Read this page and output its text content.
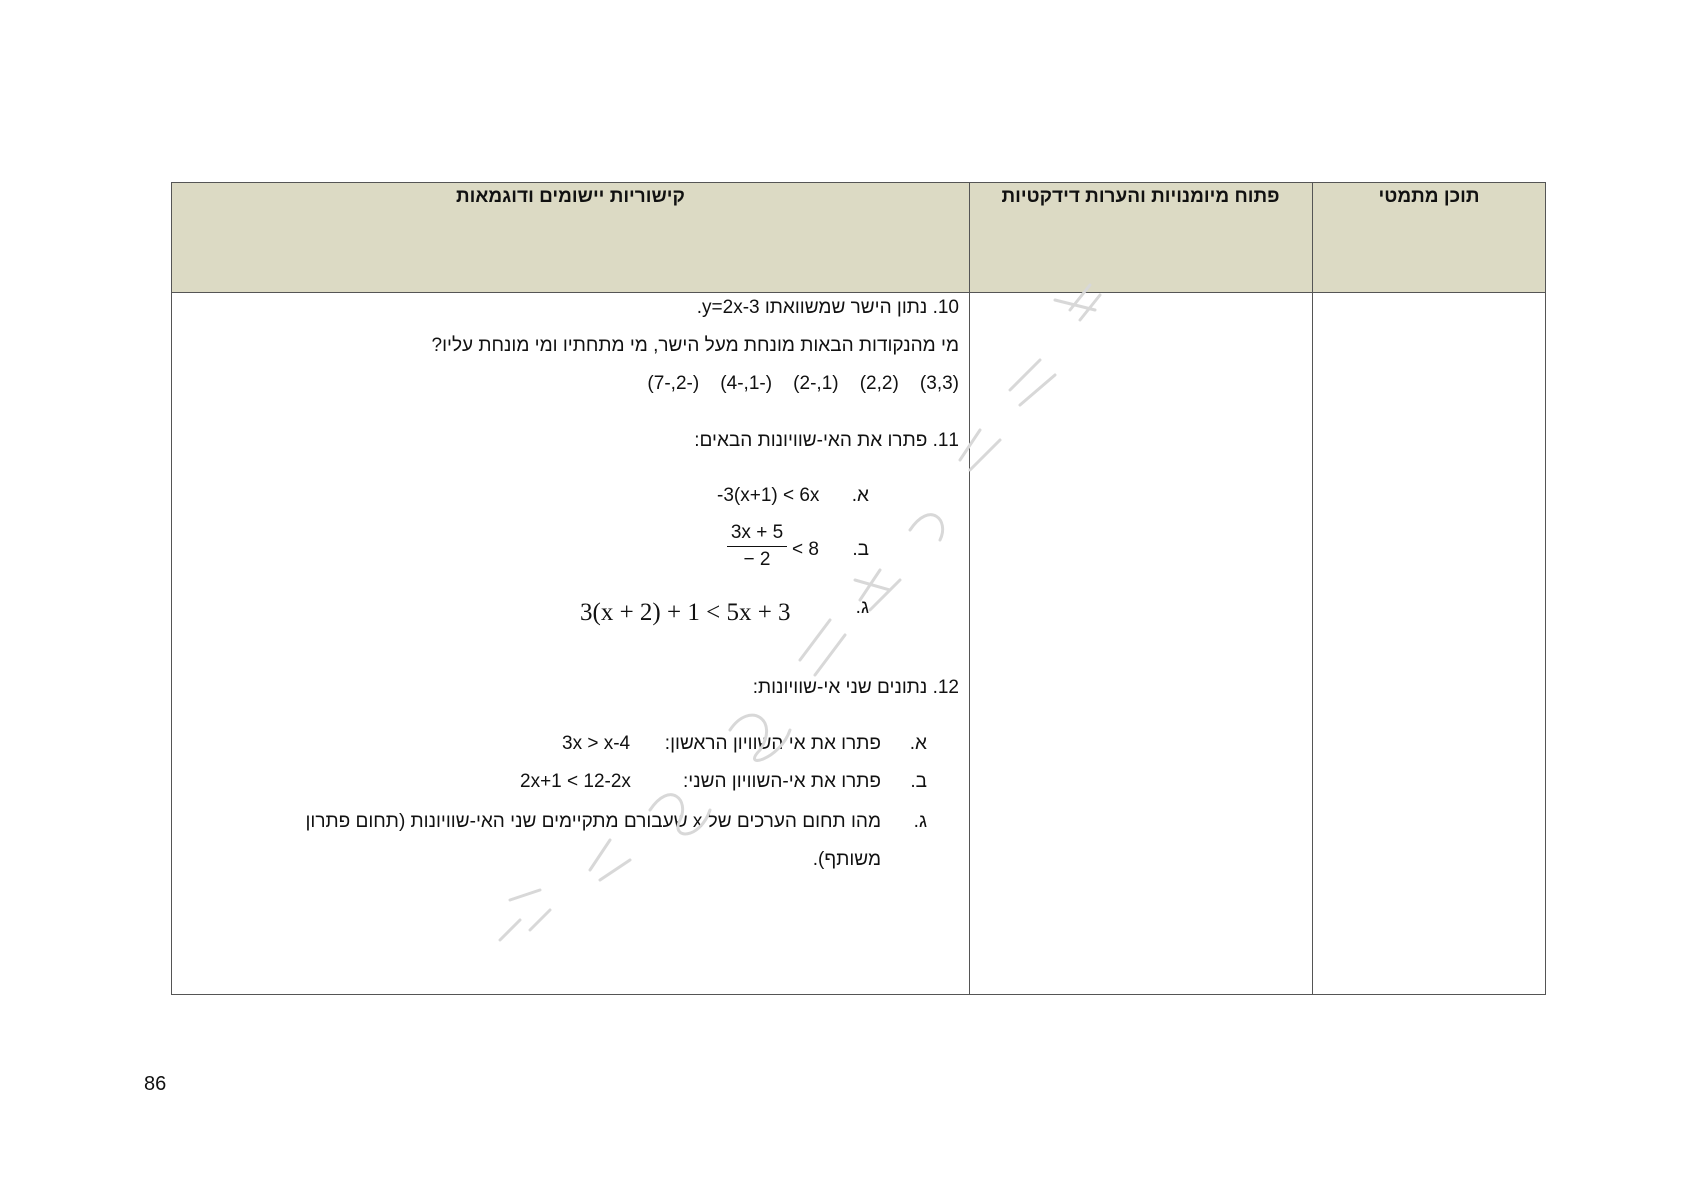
תוכן מתמטי
פתוח מיומנויות והערות דידקטיות
קישוריות יישומים ודוגמאות
10. נתון הישר שמשוואתו y=2x-3.
מי מהנקודות הבאות מונחת מעל הישר, מי מתחתיו ומי מונחת עליו?
(3,3)    (2,2)    (1,-2)    (-1,-4)    (-2,-7)
11. פתרו את האי-שוויונות הבאים:
א.
-3(x+1) < 6x
ב.
3x + 5
− 2	< 8
ג.
3(x + 2) + 1 < 5x + 3
12. נתונים שני אי-שוויונות:
א.
פתרו את אי השוויון הראשון:
3x > x-4
ב.
פתרו את אי-השוויון השני:
2x+1 < 12-2x
ג.
מהו תחום הערכים של x שעבורם מתקיימים שני האי-שוויונות (תחום פתרון
משותף).
86
